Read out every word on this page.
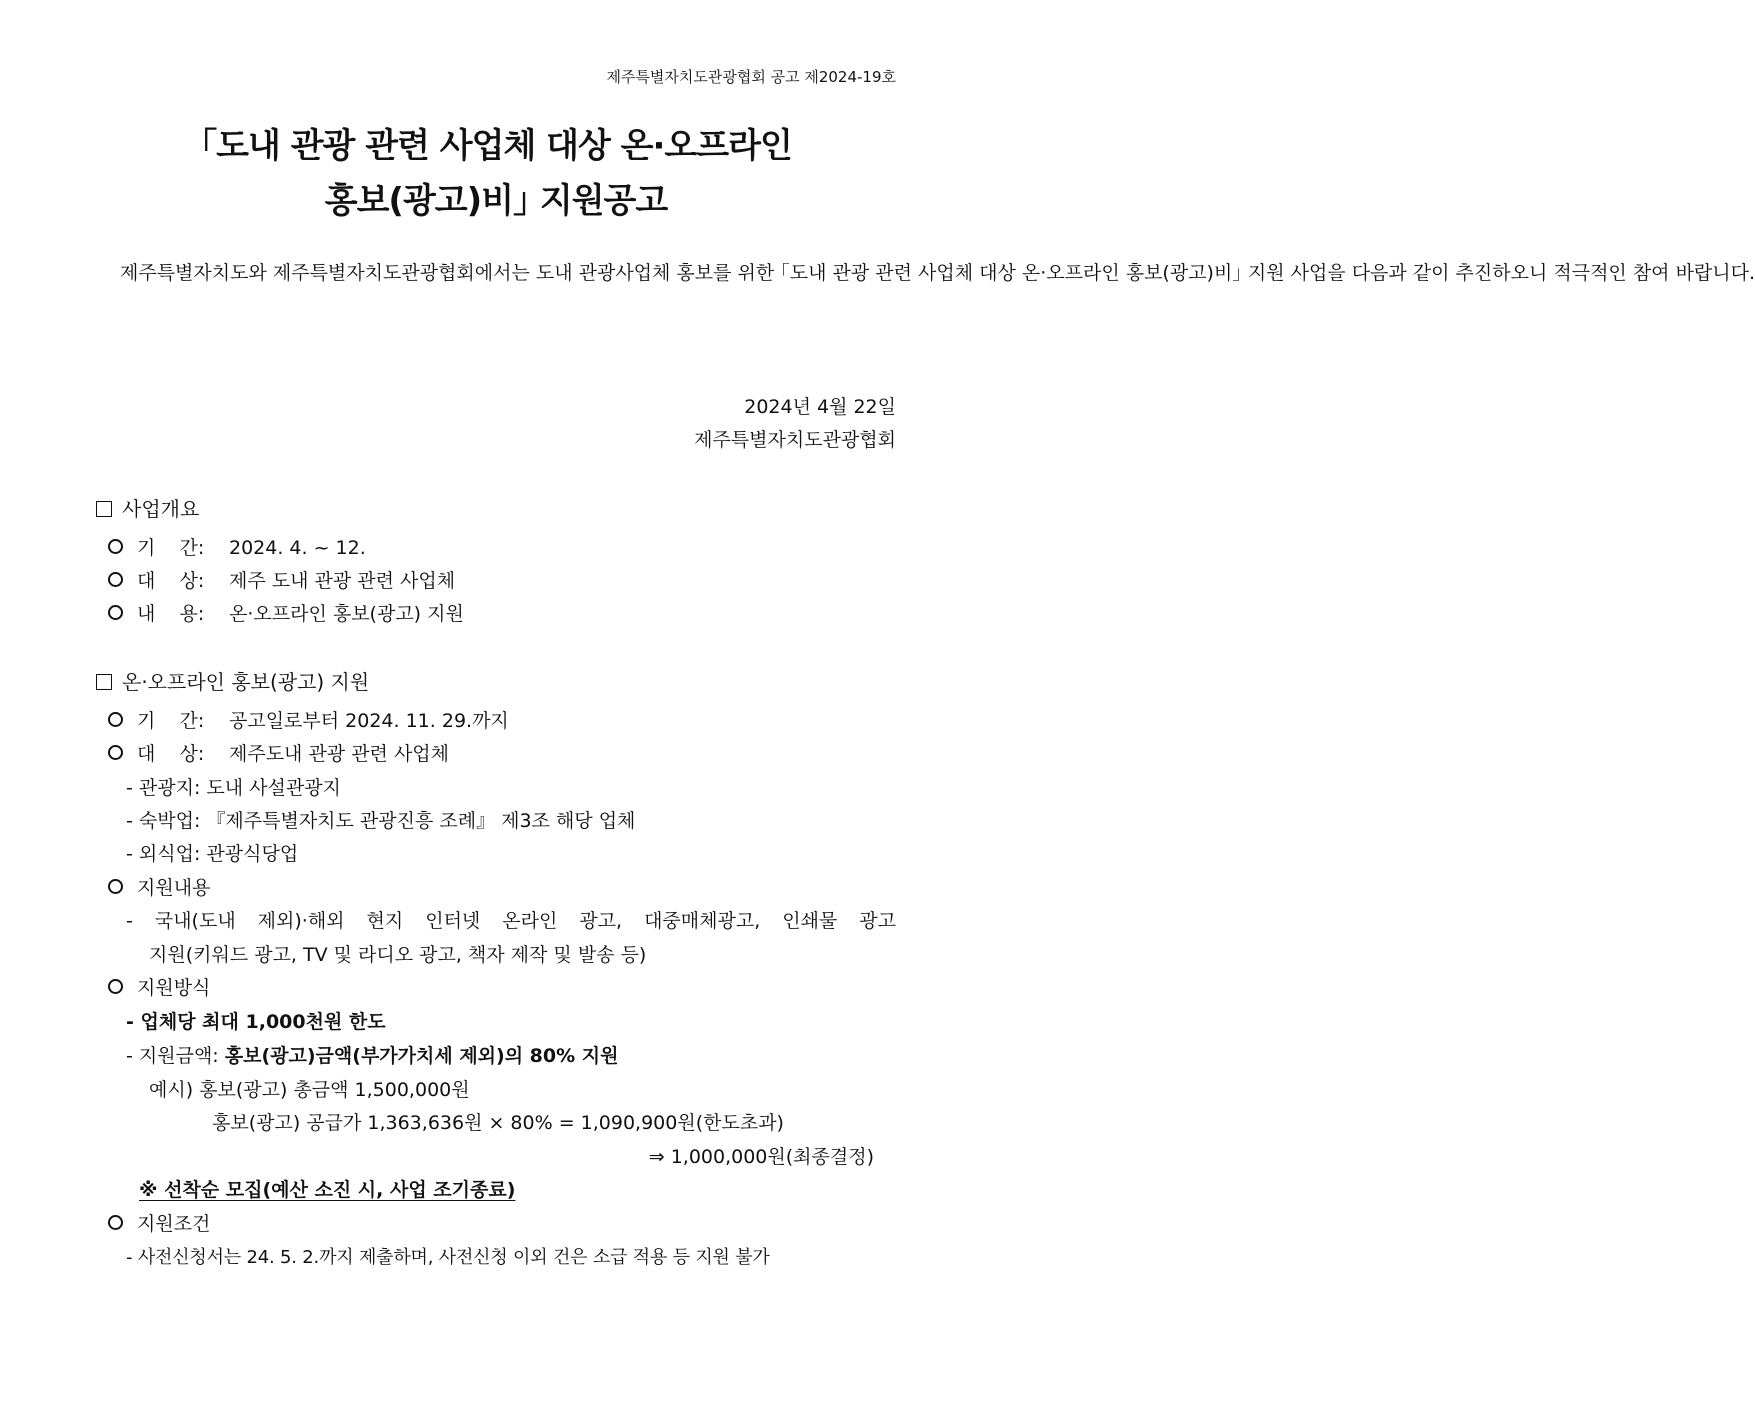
제주특별자치도관광협회 공고 제2024-19호
｢도내 관광 관련 사업체 대상 온·오프라인
홍보(광고)비｣ 지원공고

제주특별자치도와 제주특별자치도관광협회에서는 도내 관광사업체 홍보를 위한 ｢도내 관광 관련 사업체 대상 온·오프라인 홍보(광고)비｣ 지원 사업을 다음과 같이 추진하오니 적극적인 참여 바랍니다.

2024년 4월 22일
제주특별자치도관광협회
사업개요
기    간: 2024. 4. ~ 12.
대    상: 제주 도내 관광 관련 사업체
내    용: 온·오프라인 홍보(광고) 지원
온·오프라인 홍보(광고) 지원
기    간: 공고일로부터 2024. 11. 29.까지
대    상: 제주도내 관광 관련 사업체
- 관광지: 도내 사설관광지
- 숙박업: 『제주특별자치도 관광진흥 조례』 제3조 해당 업체
- 외식업: 관광식당업
지원내용
- 국내(도내 제외)·해외 현지 인터넷 온라인 광고, 대중매체광고, 인쇄물 광고
지원(키워드 광고, TV 및 라디오 광고, 책자 제작 및 발송 등)
지원방식
- 업체당 최대 1,000천원 한도
- 지원금액: 홍보(광고)금액(부가가치세 제외)의 80% 지원
예시) 홍보(광고) 총금액 1,500,000원
홍보(광고) 공급가 1,363,636원 × 80% = 1,090,900원(한도초과)
⇒ 1,000,000원(최종결정)
※ 선착순 모집(예산 소진 시, 사업 조기종료)
지원조건
- 사전신청서는 24. 5. 2.까지 제출하며, 사전신청 이외 건은 소급 적용 등 지원 불가
